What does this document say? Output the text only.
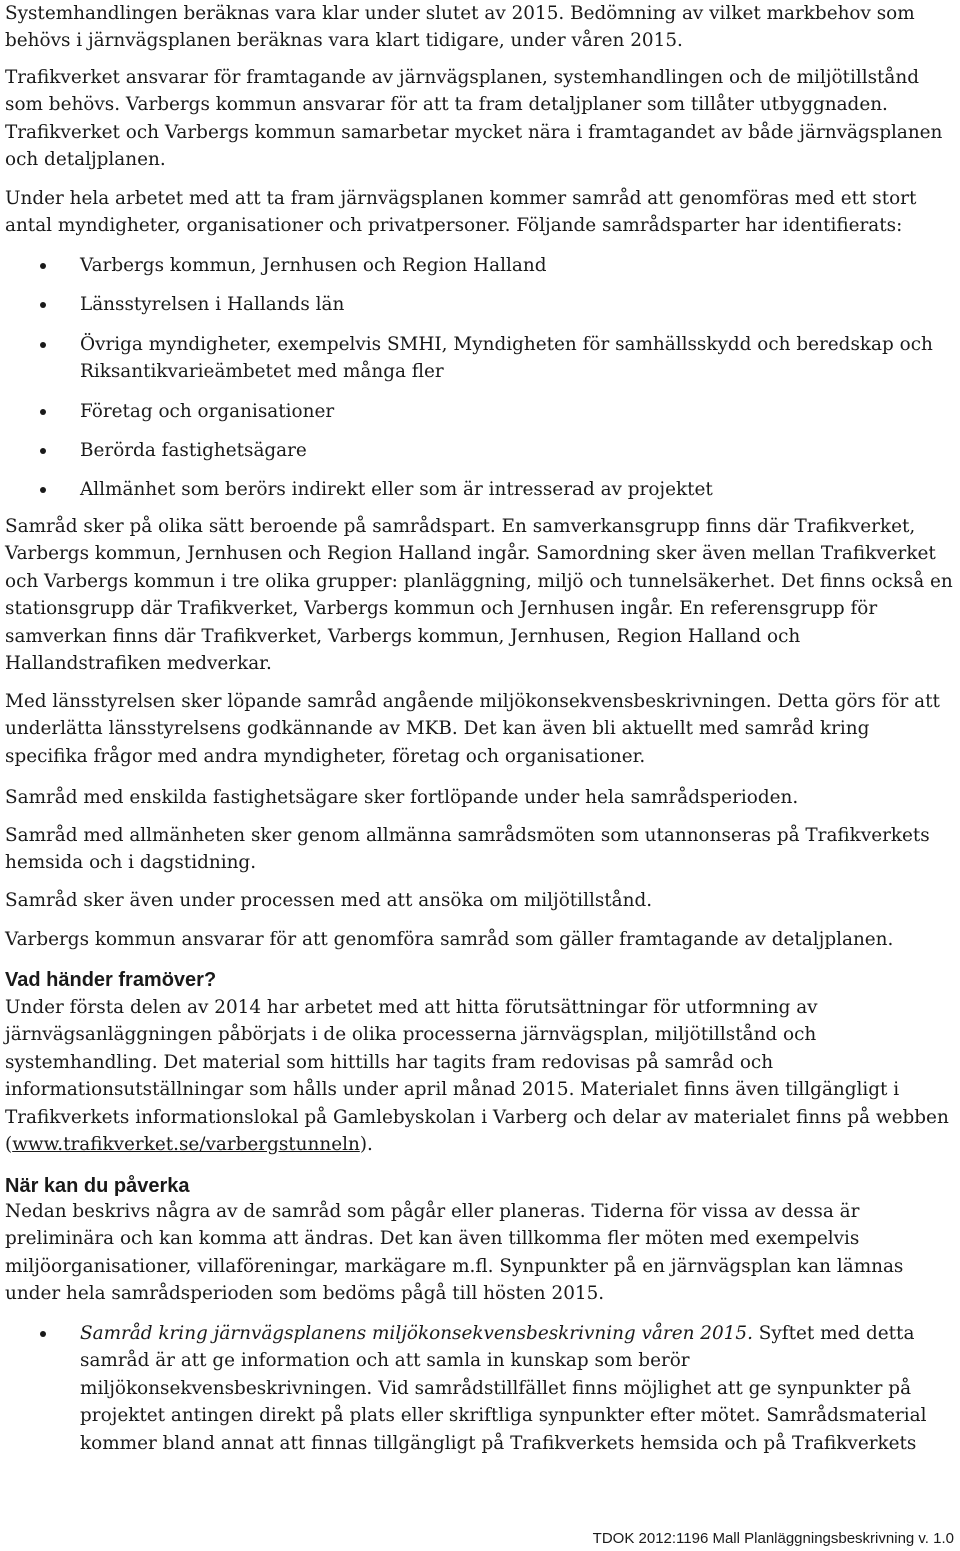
Systemhandlingen beräknas vara klar under slutet av 2015. Bedömning av vilket markbehov som behövs i järnvägsplanen beräknas vara klart tidigare, under våren 2015.

Trafikverket ansvarar för framtagande av järnvägsplanen, systemhandlingen och de miljötillstånd som behövs. Varbergs kommun ansvarar för att ta fram detaljplaner som tillåter utbyggnaden. Trafikverket och Varbergs kommun samarbetar mycket nära i framtagandet av både järnvägsplanen och detaljplanen.

Under hela arbetet med att ta fram järnvägsplanen kommer samråd att genomföras med ett stort antal myndigheter, organisationer och privatpersoner. Följande samrådsparter har identifierats:

Varbergs kommun, Jernhusen och Region Halland
Länsstyrelsen i Hallands län
Övriga myndigheter, exempelvis SMHI, Myndigheten för samhällsskydd och beredskap och Riksantikvarieämbetet med många fler
Företag och organisationer
Berörda fastighetsägare
Allmänhet som berörs indirekt eller som är intresserad av projektet

Samråd sker på olika sätt beroende på samrådspart. En samverkansgrupp finns där Trafikverket, Varbergs kommun, Jernhusen och Region Halland ingår. Samordning sker även mellan Trafikverket och Varbergs kommun i tre olika grupper: planläggning, miljö och tunnelsäkerhet. Det finns också en stationsgrupp där Trafikverket, Varbergs kommun och Jernhusen ingår. En referensgrupp för samverkan finns där Trafikverket, Varbergs kommun, Jernhusen, Region Halland och Hallandstrafiken medverkar.

Med länsstyrelsen sker löpande samråd angående miljökonsekvensbeskrivningen. Detta görs för att underlätta länsstyrelsens godkännande av MKB. Det kan även bli aktuellt med samråd kring specifika frågor med andra myndigheter, företag och organisationer.

Samråd med enskilda fastighetsägare sker fortlöpande under hela samrådsperioden.

Samråd med allmänheten sker genom allmänna samrådsmöten som utannonseras på Trafikverkets hemsida och i dagstidning.

Samråd sker även under processen med att ansöka om miljötillstånd.

Varbergs kommun ansvarar för att genomföra samråd som gäller framtagande av detaljplanen.

Vad händer framöver?

Under första delen av 2014 har arbetet med att hitta förutsättningar för utformning av järnvägsanläggningen påbörjats i de olika processerna järnvägsplan, miljötillstånd och systemhandling. Det material som hittills har tagits fram redovisas på samråd och informationsutställningar som hålls under april månad 2015. Materialet finns även tillgängligt i Trafikverkets informationslokal på Gamlebyskolan i Varberg och delar av materialet finns på webben (www.trafikverket.se/varbergstunneln).

När kan du påverka

Nedan beskrivs några av de samråd som pågår eller planeras. Tiderna för vissa av dessa är preliminära och kan komma att ändras. Det kan även tillkomma fler möten med exempelvis miljöorganisationer, villaföreningar, markägare m.fl. Synpunkter på en järnvägsplan kan lämnas under hela samrådsperioden som bedöms pågå till hösten 2015.

Samråd kring järnvägsplanens miljökonsekvensbeskrivning våren 2015. Syftet med detta samråd är att ge information och att samla in kunskap som berör miljökonsekvensbeskrivningen. Vid samrådstillfället finns möjlighet att ge synpunkter på projektet antingen direkt på plats eller skriftliga synpunkter efter mötet. Samrådsmaterial kommer bland annat att finnas tillgängligt på Trafikverkets hemsida och på Trafikverkets
TDOK 2012:1196 Mall Planläggningsbeskrivning v. 1.0
